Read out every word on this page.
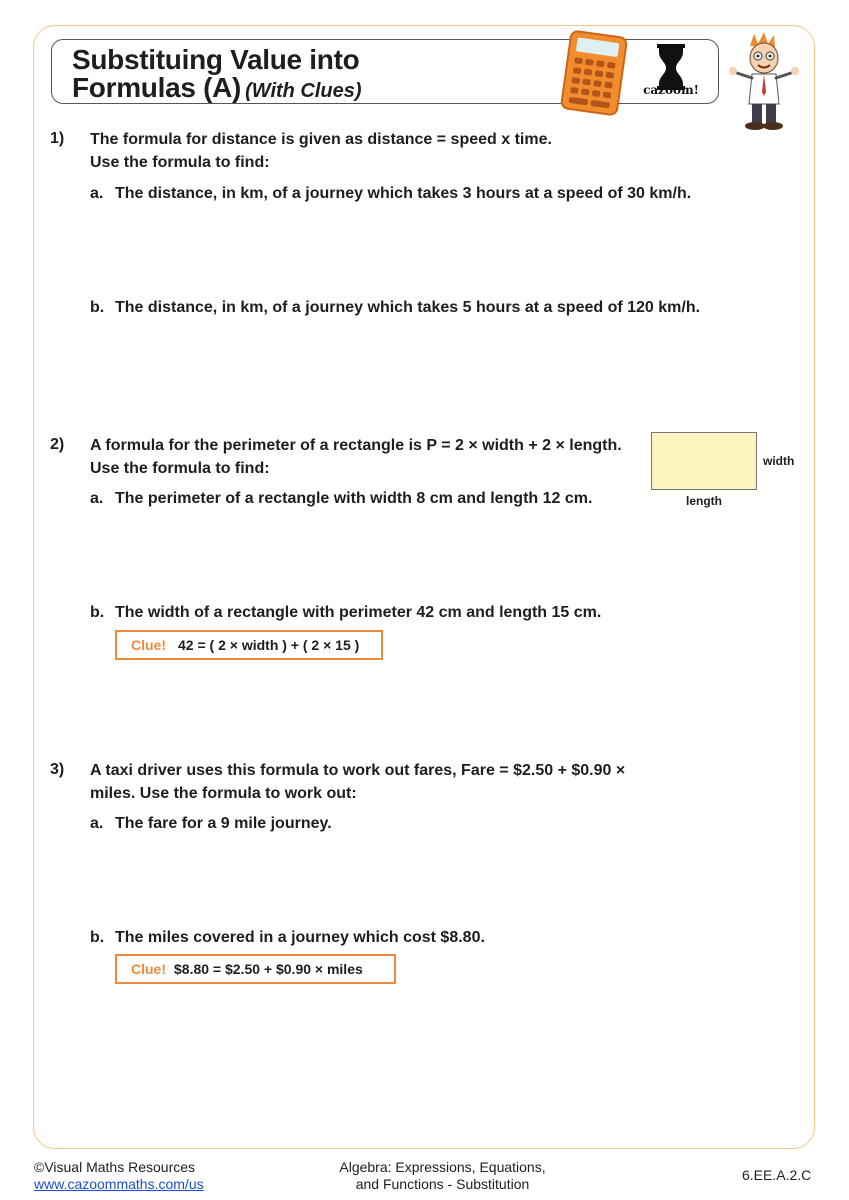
Substituing Value into
Formulas (A) (With Clues)	cazoom!
1) The formula for distance is given as distance = speed x time.
Use the formula to find:
a. The distance, in km, of a journey which takes 3 hours at a speed of 30 km/h.
b. The distance, in km, of a journey which takes 5 hours at a speed of 120 km/h.
2) A formula for the perimeter of a rectangle is P = 2 × width + 2 × length.
Use the formula to find:
a. The perimeter of a rectangle with width 8 cm and length 12 cm.
width
length
b. The width of a rectangle with perimeter 42 cm and length 15 cm.
Clue! 42 = ( 2 × width ) + ( 2 × 15 )
3) A taxi driver uses this formula to work out fares, Fare = $2.50 + $0.90 ×
miles. Use the formula to work out:
a. The fare for a 9 mile journey.
b. The miles covered in a journey which cost $8.80.
Clue! $8.80 = $2.50 + $0.90 × miles
©Visual Maths Resources
www.cazoommaths.com/us
Algebra: Expressions, Equations,
and Functions - Substitution
6.EE.A.2.C
